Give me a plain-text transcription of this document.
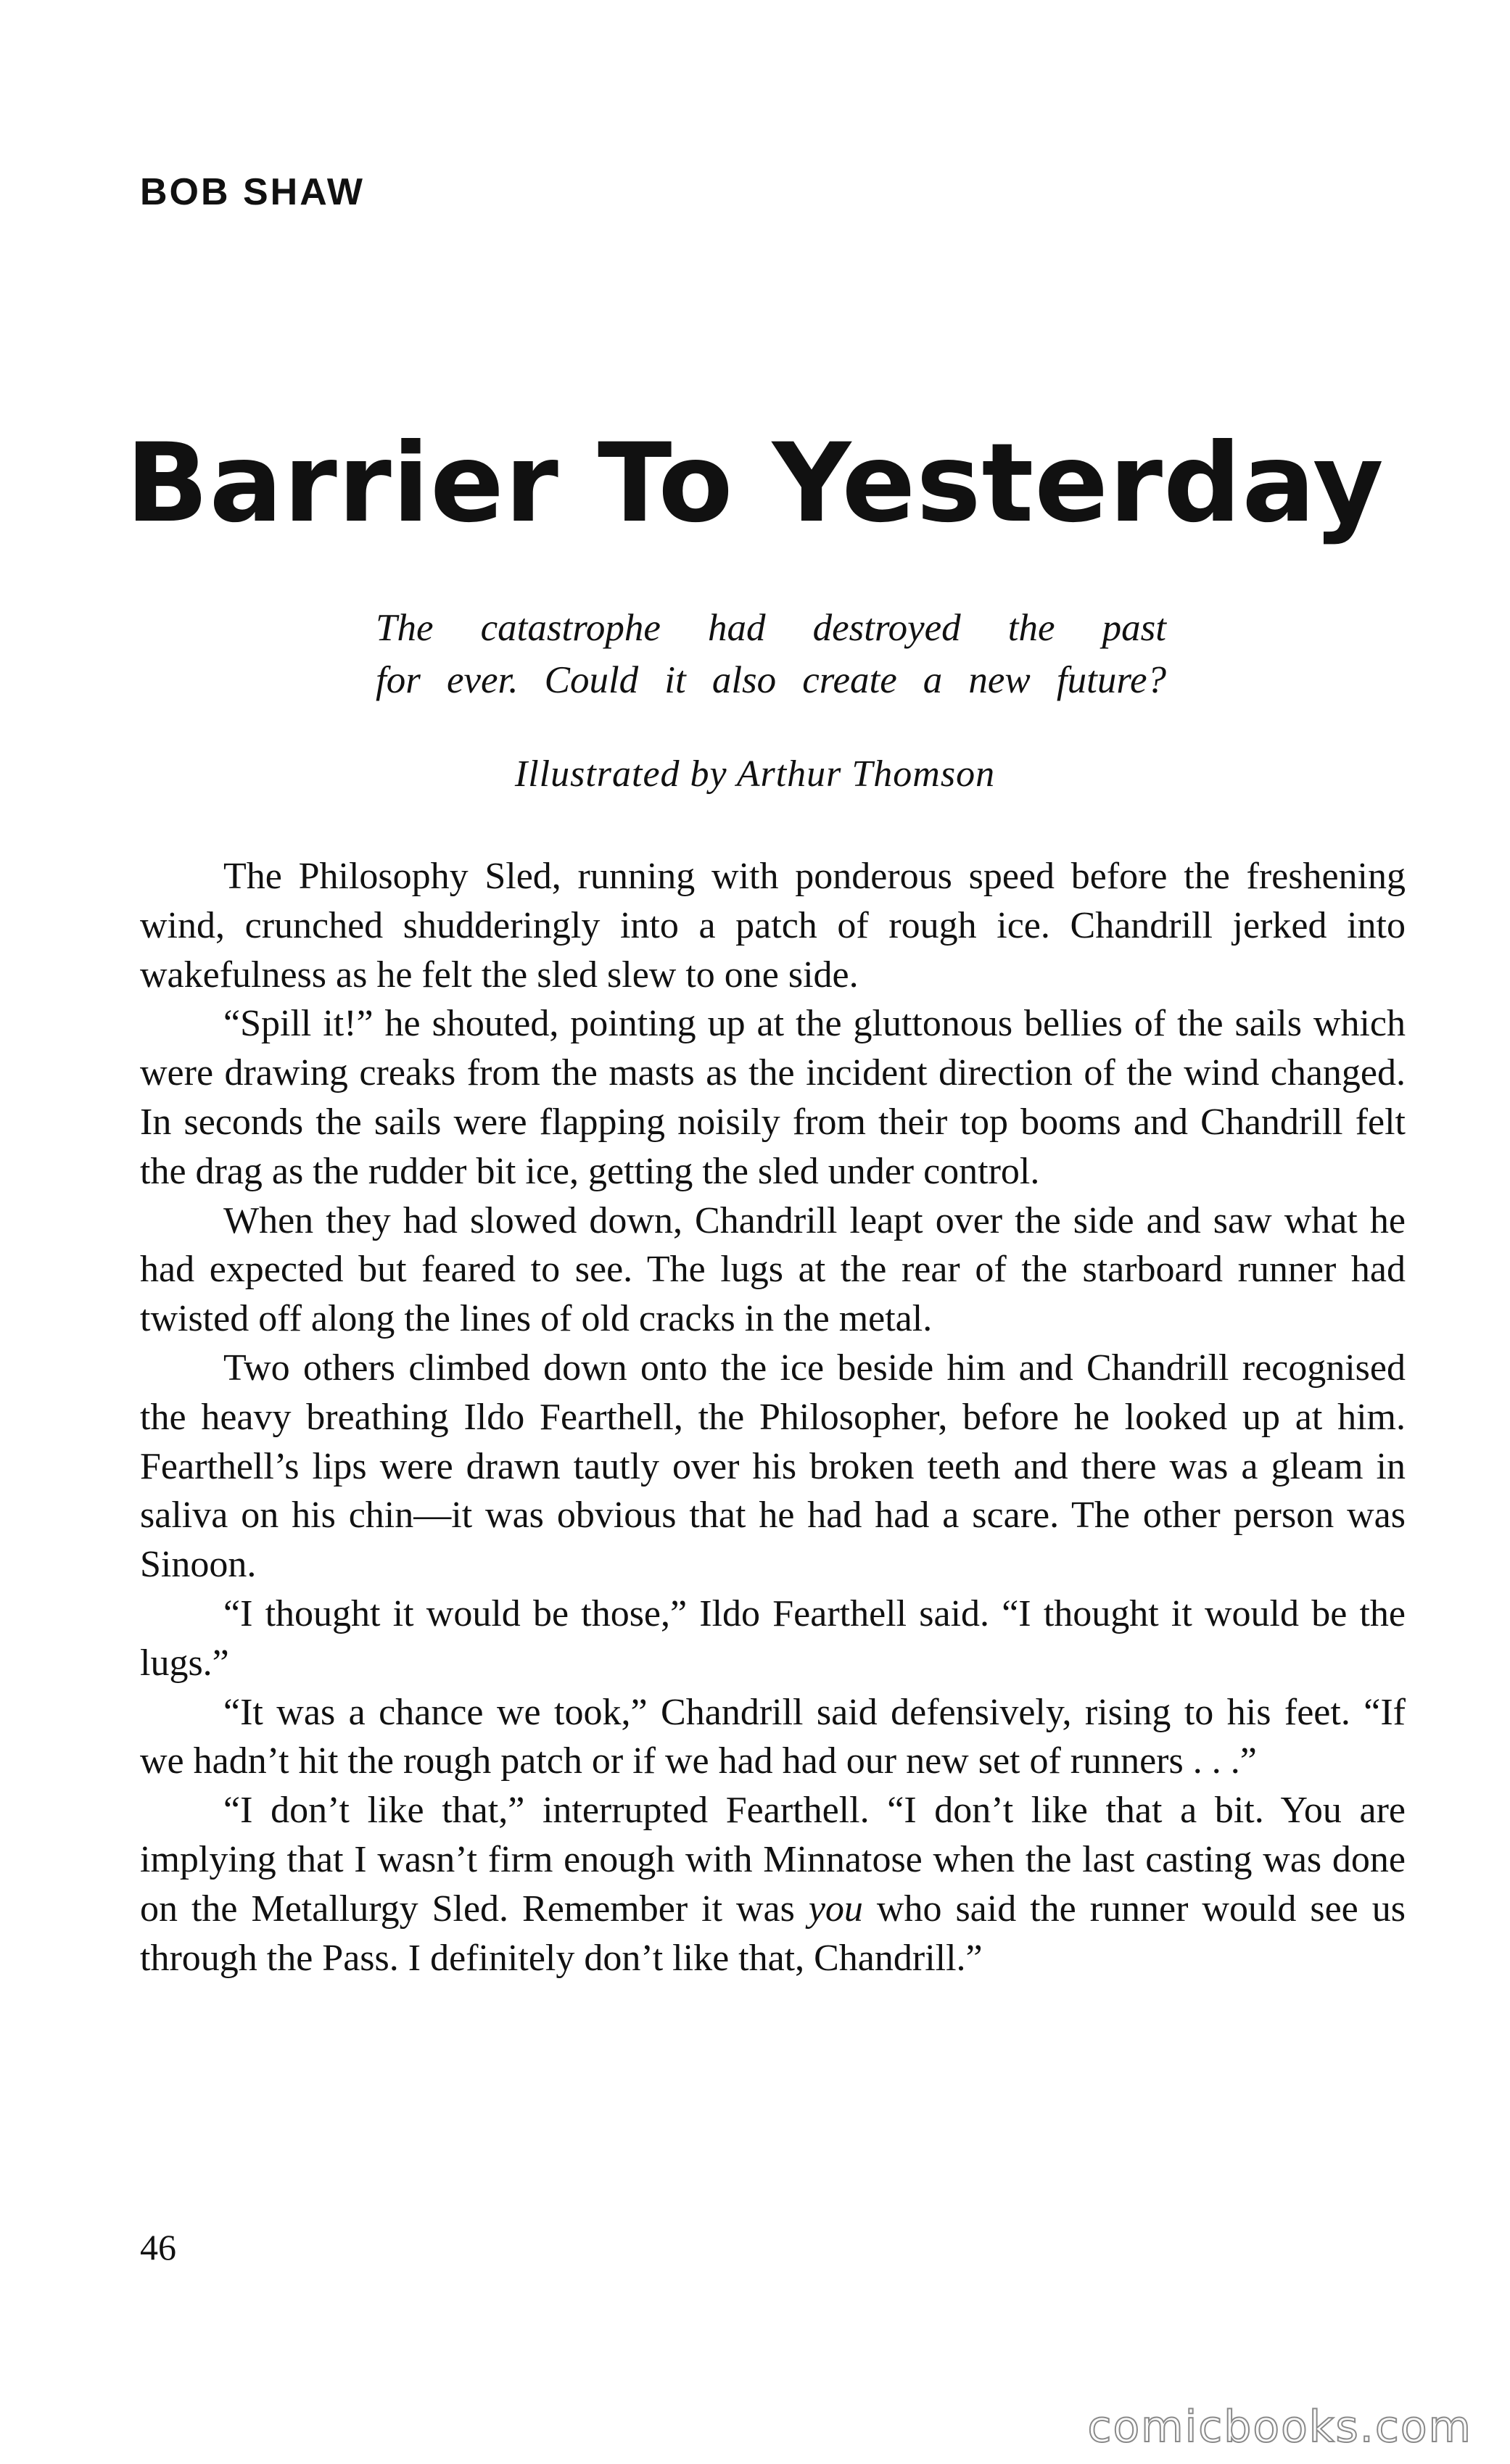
BOB SHAW
Barrier To Yesterday
The catastrophe had destroyed the past
for ever. Could it also create a new future?
Illustrated by Arthur Thomson

The Philosophy Sled, running with ponderous speed before the freshening wind, crunched shudderingly into a patch of rough ice. Chandrill jerked into wakefulness as he felt the sled slew to one side.

“Spill it!” he shouted, pointing up at the gluttonous bellies of the sails which were drawing creaks from the masts as the incident direction of the wind changed. In seconds the sails were flapping noisily from their top booms and Chandrill felt the drag as the rudder bit ice, getting the sled under control.

When they had slowed down, Chandrill leapt over the side and saw what he had expected but feared to see. The lugs at the rear of the starboard runner had twisted off along the lines of old cracks in the metal.

Two others climbed down onto the ice beside him and Chandrill recognised the heavy breathing Ildo Fearthell, the Philosopher, before he looked up at him. Fearthell’s lips were drawn tautly over his broken teeth and there was a gleam in saliva on his chin—it was obvious that he had had a scare. The other person was Sinoon.

“I thought it would be those,” Ildo Fearthell said. “I thought it would be the lugs.”

“It was a chance we took,” Chandrill said defensively, rising to his feet. “If we hadn’t hit the rough patch or if we had had our new set of runners . . .”

“I don’t like that,” interrupted Fearthell. “I don’t like that a bit. You are implying that I wasn’t firm enough with Minnatose when the last casting was done on the Metallurgy Sled. Remember it was you who said the runner would see us through the Pass. I definitely don’t like that, Chandrill.”

46
comicbooks.com
